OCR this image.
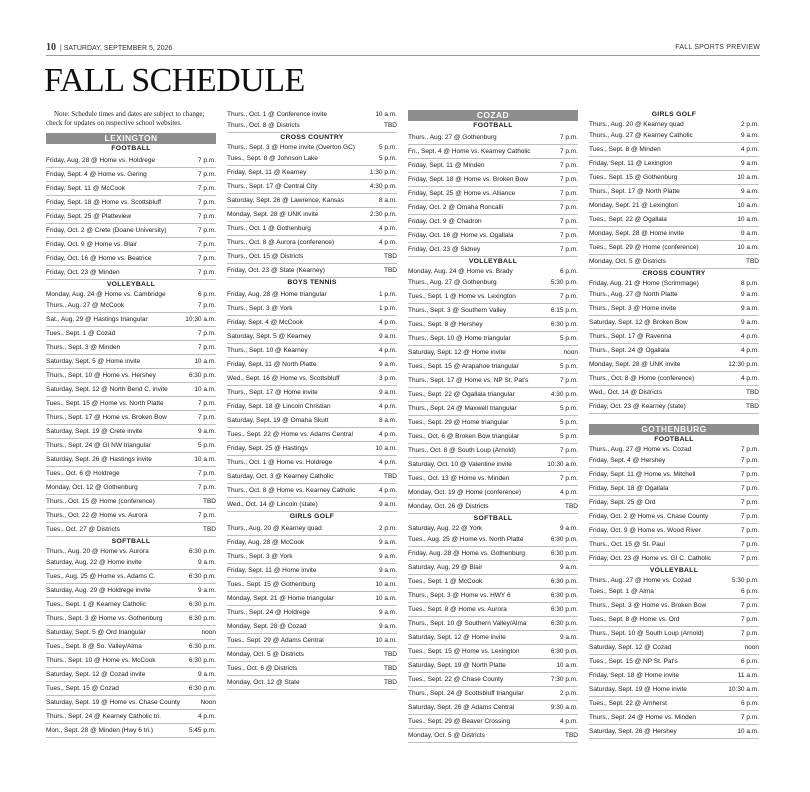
10 | SATURDAY, SEPTEMBER 5, 2026	FALL SPORTS PREVIEW
FALL SCHEDULE

Note: Schedule times and dates are subject to change; check for updates on respective school websites.

LEXINGTON
FOOTBALL
Friday, Aug. 28 @ Home vs. Holdrege	7 p.m.
Friday, Sept. 4 @ Home vs. Gering	7 p.m.
Friday, Sept. 11 @ McCook	7 p.m.
Friday, Sept. 18 @ Home vs. Scottsbluff	7 p.m.
Friday, Sept. 25 @ Platteview	7 p.m.
Friday, Oct. 2 @ Crete (Doane University)	7 p.m.
Friday, Oct. 9 @ Home vs. Blair	7 p.m.
Friday, Oct. 16 @ Home vs. Beatrice	7 p.m.
Friday, Oct. 23 @ Minden	7 p.m.
VOLLEYBALL
Monday, Aug. 24 @ Home vs. Cambridge	6 p.m.
Thurs., Aug. 27 @ McCook	7 p.m.
Sat., Aug. 29 @ Hastings triangular	10:30 a.m.
Tues., Sept. 1 @ Cozad	7 p.m.
Thurs., Sept. 3 @ Minden	7 p.m.
Saturday, Sept. 5 @ Home invite	10 a.m.
Thurs., Sept. 10 @ Home vs. Hershey	6:30 p.m.
Saturday, Sept. 12 @ North Bend C. invite	10 a.m.
Tues., Sept. 15 @ Home vs. North Platte	7 p.m.
Thurs., Sept. 17 @ Home vs. Broken Bow	7 p.m.
Saturday, Sept. 19 @ Crete invite	9 a.m.
Thurs., Sept. 24 @ GI NW triangular	5 p.m.
Saturday, Sept. 26 @ Hastings invite	10 a.m.
Tues., Oct. 6 @ Holdrege	7 p.m.
Monday, Oct. 12 @ Gothenburg	7 p.m.
Thurs., Oct. 15 @ Home (conference)	TBD
Thurs., Oct. 22 @ Home vs. Aurora	7 p.m.
Tues., Oct. 27 @ Districts	TBD
SOFTBALL
Thurs., Aug. 20 @ Home vs. Aurora	6:30 p.m.
Saturday, Aug. 22 @ Home invite	9 a.m.
Tues., Aug. 25 @ Home vs. Adams C.	6:30 p.m.
Saturday, Aug. 29 @ Holdrege invite	9 a.m.
Tues., Sept. 1 @ Kearney Catholic	6:30 p.m.
Thurs., Sept. 3 @ Home vs. Gothenburg	6:30 p.m.
Saturday, Sept. 5 @ Ord triangular	noon
Tues., Sept. 8 @ So. Valley/Alma	6:30 p.m.
Thurs., Sept. 10 @ Home vs. McCook	6:30 p.m.
Saturday, Sept. 12 @ Cozad invite	9 a.m.
Tues., Sept. 15 @ Cozad	6:30 p.m.
Saturday, Sept. 19 @ Home vs. Chase County	Noon
Thurs., Sept. 24 @ Kearney Catholic tri.	4 p.m.
Mon., Sept. 28 @ Minden (Hwy 6 tri.)	5:45 p.m.
Thurs., Oct. 1 @ Conference invite	10 a.m.
Thurs., Oct. 8 @ Districts	TBD
CROSS COUNTRY
Thurs., Sept. 3 @ Home invite (Overton GC)	5 p.m.
Tues., Sept. 8 @ Johnson Lake	5 p.m.
Friday, Sept. 11 @ Kearney	1:30 p.m.
Thurs., Sept. 17 @ Central City	4:30 p.m.
Saturday, Sept. 26 @ Lawrence, Kansas	8 a.m.
Monday, Sept. 28 @ UNK invite	2:30 p.m.
Thurs., Oct. 1 @ Gothenburg	4 p.m.
Thurs., Oct. 8 @ Aurora (conference)	4 p.m.
Thurs., Oct. 15 @ Districts	TBD
Friday, Oct. 23 @ State (Kearney)	TBD
BOYS TENNIS
Friday, Aug. 28 @ Home triangular	1 p.m.
Thurs., Sept. 3 @ York	1 p.m.
Friday, Sept. 4 @ McCook	4 p.m.
Saturday, Sept. 5 @ Kearney	9 a.m.
Thurs., Sept. 10 @ Kearney	4 p.m.
Friday, Sept. 11 @ North Platte	9 a.m.
Wed., Sept. 16 @ Home vs. Scottsbluff	3 p.m.
Thurs., Sept. 17 @ Home invite	9 a.m.
Friday, Sept. 18 @ Lincoln Christian	4 p.m.
Saturday, Sept. 19 @ Omaha Skutt	8 a.m.
Tues., Sept. 22 @ Home vs. Adams Central	4 p.m.
Friday, Sept. 25 @ Hastings	10 a.m.
Thurs., Oct. 1 @ Home vs. Holdrege	4 p.m.
Saturday, Oct. 3 @ Kearney Catholic	TBD
Thurs., Oct. 8 @ Home vs. Kearney Catholic	4 p.m.
Wed., Oct. 14 @ Lincoln (state)	9 a.m.
GIRLS GOLF
Thurs., Aug. 20 @ Kearney quad	2 p.m.
Friday, Aug. 28 @ McCook	9 a.m.
Thurs., Sept. 3 @ York	9 a.m.
Friday, Sept. 11 @ Home invite	9 a.m.
Tues., Sept. 15 @ Gothenburg	10 a.m.
Monday, Sept. 21 @ Home triangular	10 a.m.
Thurs., Sept. 24 @ Holdrege	9 a.m.
Monday, Sept. 28 @ Cozad	9 a.m.
Tues., Sept. 29 @ Adams Central	10 a.m.
Monday, Oct. 5 @ Districts	TBD
Tues., Oct. 6 @ Districts	TBD
Monday, Oct. 12 @ State	TBD
COZAD
FOOTBALL
Thurs., Aug. 27 @ Gothenburg	7 p.m.
Fri., Sept. 4 @ Home vs. Kearney Catholic	7 p.m.
Friday, Sept. 11 @ Minden	7 p.m.
Friday, Sept. 18 @ Home vs. Broken Bow	7 p.m.
Friday, Sept. 25 @ Home vs. Alliance	7 p.m.
Friday, Oct. 2 @ Omaha Roncalli	7 p.m.
Friday, Oct. 9 @ Chadron	7 p.m.
Friday, Oct. 16 @ Home vs. Ogallala	7 p.m.
Friday, Oct. 23 @ Sidney	7 p.m.
VOLLEYBALL
Monday, Aug. 24 @ Home vs. Brady	6 p.m.
Thurs., Aug. 27 @ Gothenburg	5:30 p.m.
Tues., Sept. 1 @ Home vs. Lexington	7 p.m.
Thurs., Sept. 3 @ Southern Valley	6:15 p.m.
Tues., Sept. 8 @ Hershey	6:30 p.m.
Thurs., Sept. 10 @ Home triangular	5 p.m.
Saturday, Sept. 12 @ Home invite	noon
Tues., Sept. 15 @ Arapahoe triangular	5 p.m.
Thurs., Sept. 17 @ Home vs. NP St. Pat's	7 p.m.
Tues., Sept. 22 @ Ogallala triangular	4:30 p.m.
Thurs., Sept. 24 @ Maxwell triangular	5 p.m.
Tues., Sept. 29 @ Home triangular	5 p.m.
Tues., Oct. 6 @ Broken Bow triangular	5 p.m.
Thurs., Oct. 8 @ South Loup (Arnold)	7 p.m.
Saturday, Oct. 10 @ Valentine invite	10:30 a.m.
Tues., Oct. 13 @ Home vs. Minden	7 p.m.
Monday, Oct. 19 @ Home (conference)	4 p.m.
Monday, Oct. 26 @ Districts	TBD
SOFTBALL
Saturday, Aug. 22 @ York	9 a.m.
Tues., Aug. 25 @ Home vs. North Platte	6:30 p.m.
Friday, Aug. 28 @ Home vs. Gothenburg	6:30 p.m.
Saturday, Aug. 29 @ Blair	9 a.m.
Tues., Sept. 1 @ McCook	6:30 p.m.
Thurs., Sept. 3 @ Home vs. HWY 6	6:30 p.m.
Tues., Sept. 8 @ Home vs. Aurora	6:30 p.m.
Thurs., Sept. 10 @ Southern Valley/Alma	6:30 p.m.
Saturday, Sept. 12 @ Home invite	9 a.m.
Tues., Sept. 15 @ Home vs. Lexington	6:30 p.m.
Saturday, Sept. 19 @ North Platte	10 a.m.
Tues., Sept. 22 @ Chase County	7:30 p.m.
Thurs., Sept. 24 @ Scottsbluff triangular	2 p.m.
Saturday, Sept. 26 @ Adams Central	9:30 a.m.
Tues., Sept. 29 @ Beaver Crossing	4 p.m.
Monday, Oct. 5 @ Districts	TBD
GIRLS GOLF
Thurs., Aug. 20 @ Kearney quad	2 p.m.
Thurs., Aug. 27 @ Kearney Catholic	9 a.m.
Tues., Sept. 8 @ Minden	4 p.m.
Friday, Sept. 11 @ Lexington	9 a.m.
Tues., Sept. 15 @ Gothenburg	10 a.m.
Thurs., Sept. 17 @ North Platte	9 a.m.
Monday, Sept. 21 @ Lexington	10 a.m.
Tues., Sept. 22 @ Ogallala	10 a.m.
Monday, Sept. 28 @ Home invite	9 a.m.
Tues., Sept. 29 @ Home (conference)	10 a.m.
Monday, Oct. 5 @ Districts	TBD
CROSS COUNTRY
Friday, Aug. 21 @ Home (Scrimmage)	8 p.m.
Thurs., Aug. 27 @ North Platte	9 a.m.
Thurs., Sept. 3 @ Home invite	9 a.m.
Saturday, Sept. 12 @ Broken Bow	9 a.m.
Thurs., Sept. 17 @ Ravenna	4 p.m.
Thurs., Sept. 24 @ Ogallala	4 p.m.
Monday, Sept. 28 @ UNK invite	12:30 p.m.
Thurs., Oct. 8 @ Home (conference)	4 p.m.
Wed., Oct. 14 @ Districts	TBD
Friday, Oct. 23 @ Kearney (state)	TBD
GOTHENBURG
FOOTBALL
Thurs., Aug. 27 @ Home vs. Cozad	7 p.m.
Friday, Sept. 4 @ Hershey	7 p.m.
Friday, Sept. 11 @ Home vs. Mitchell	7 p.m.
Friday, Sept. 18 @ Ogallala	7 p.m.
Friday, Sept. 25 @ Ord	7 p.m.
Friday, Oct. 2 @ Home vs. Chase County	7 p.m.
Friday, Oct. 9 @ Home vs. Wood River	7 p.m.
Thurs., Oct. 15 @ St. Paul	7 p.m.
Friday, Oct. 23 @ Home vs. GI C. Catholic	7 p.m.
VOLLEYBALL
Thurs., Aug. 27 @ Home vs. Cozad	5:30 p.m.
Tues., Sept. 1 @ Alma	6 p.m.
Thurs., Sept. 3 @ Home vs. Broken Bow	7 p.m.
Tues., Sept. 8 @ Home vs. Ord	7 p.m.
Thurs., Sept. 10 @ South Loup (Arnold)	7 p.m.
Saturday, Sept. 12 @ Cozad	noon
Tues., Sept. 15 @ NP St. Pat's	6 p.m.
Friday, Sept. 18 @ Home invite	11 a.m.
Saturday, Sept. 19 @ Home invite	10:30 a.m.
Tues., Sept. 22 @ Amherst	6 p.m.
Thurs., Sept. 24 @ Home vs. Minden	7 p.m.
Saturday, Sept. 26 @ Hershey	10 a.m.
